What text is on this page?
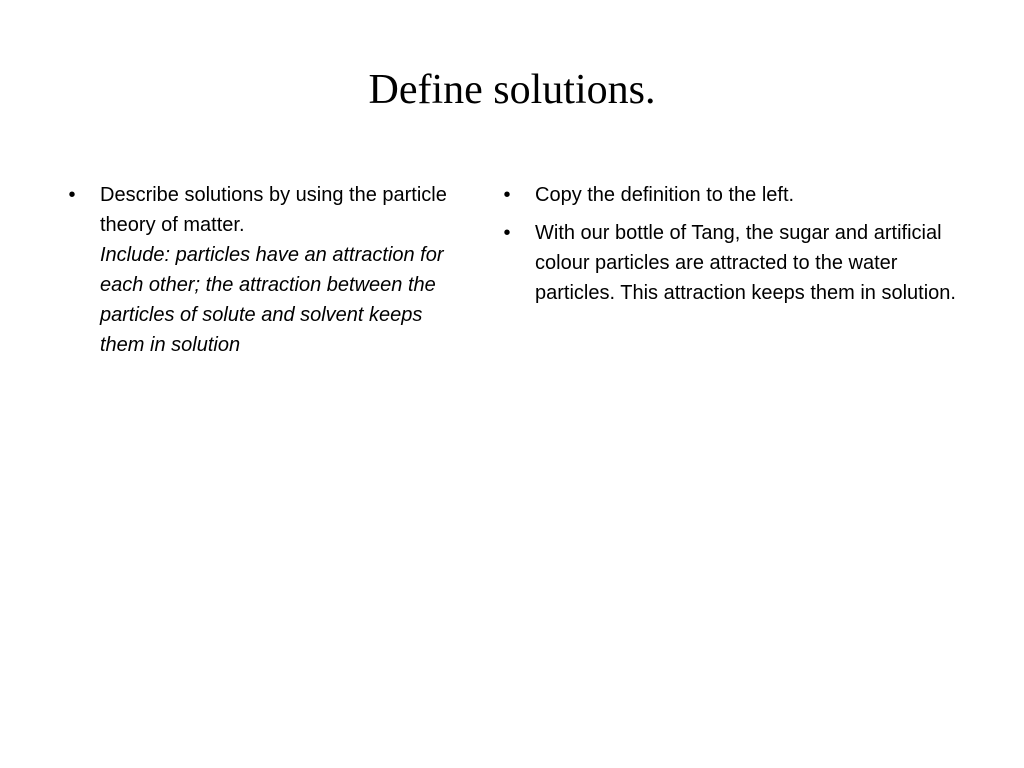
Define solutions.
•	Describe solutions by using the particle theory of matter.
Include: particles have an attraction for each other; the attraction between the particles of solute and solvent keeps them in solution
•	Copy the definition to the left.
•	With our bottle of Tang, the sugar and artificial colour particles are attracted to the water particles. This attraction keeps them in solution.
